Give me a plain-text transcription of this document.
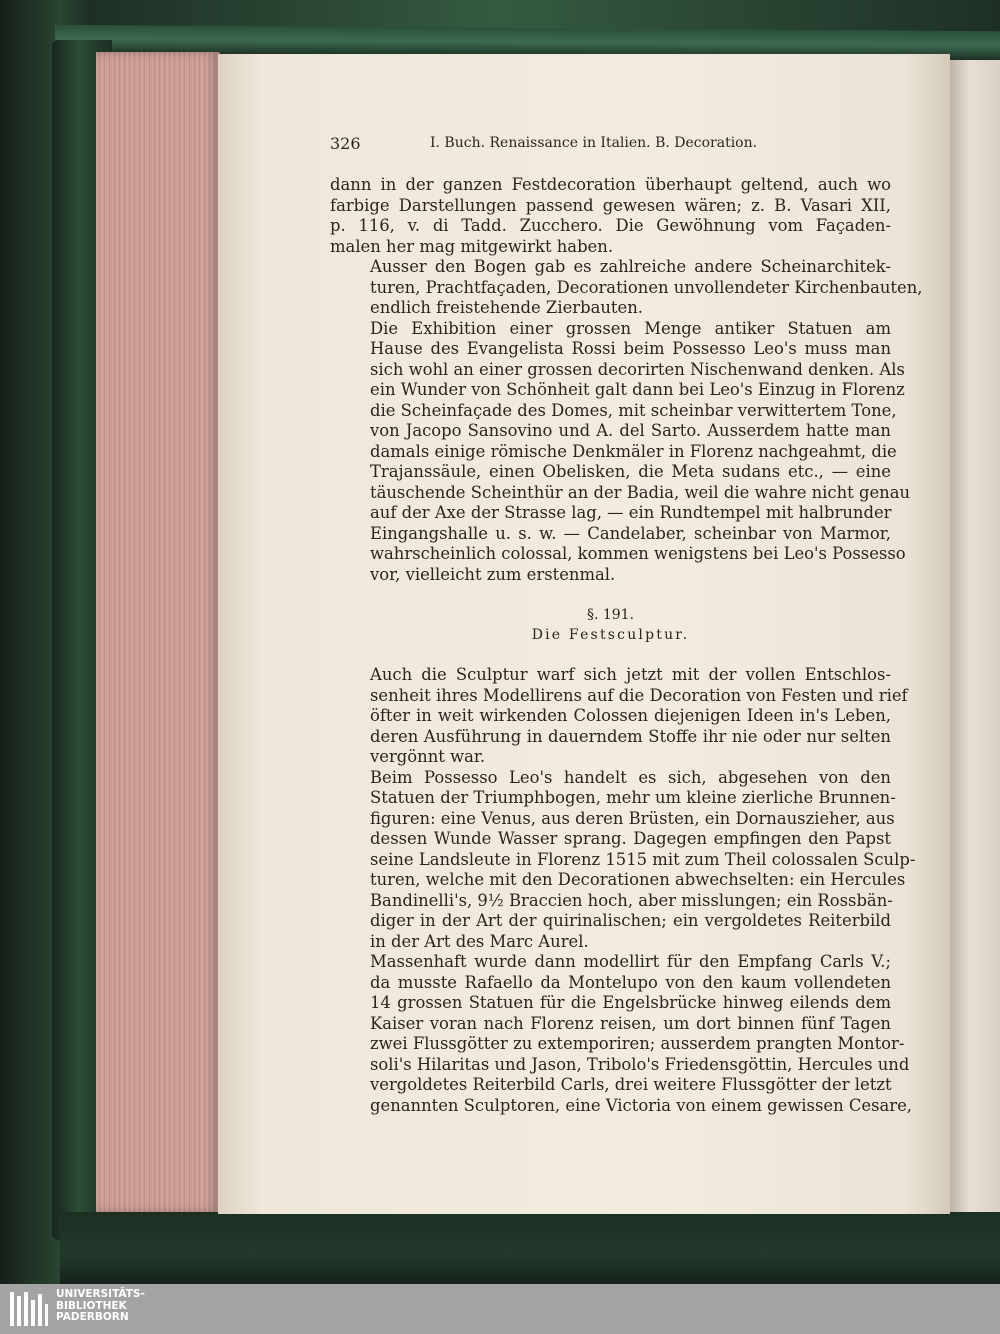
326	I. Buch. Renaissance in Italien. B. Decoration.

dann in der ganzen Festdecoration überhaupt geltend, auch wo
farbige Darstellungen passend gewesen wären; z. B. Vasari XII,
p. 116, v. di Tadd. Zucchero. Die Gewöhnung vom Façaden-
malen her mag mitgewirkt haben.

Ausser den Bogen gab es zahlreiche andere Scheinarchitek-
turen, Prachtfaçaden, Decorationen unvollendeter Kirchenbauten,
endlich freistehende Zierbauten.

Die Exhibition einer grossen Menge antiker Statuen am
Hause des Evangelista Rossi beim Possesso Leo's muss man
sich wohl an einer grossen decorirten Nischenwand denken. Als
ein Wunder von Schönheit galt dann bei Leo's Einzug in Florenz
die Scheinfaçade des Domes, mit scheinbar verwittertem Tone,
von Jacopo Sansovino und A. del Sarto. Ausserdem hatte man
damals einige römische Denkmäler in Florenz nachgeahmt, die
Trajanssäule, einen Obelisken, die Meta sudans etc., — eine
täuschende Scheinthür an der Badia, weil die wahre nicht genau
auf der Axe der Strasse lag, — ein Rundtempel mit halbrunder
Eingangshalle u. s. w. — Candelaber, scheinbar von Marmor,
wahrscheinlich colossal, kommen wenigstens bei Leo's Possesso
vor, vielleicht zum erstenmal.

§. 191.
Die Festsculptur.

Auch die Sculptur warf sich jetzt mit der vollen Entschlos-
senheit ihres Modellirens auf die Decoration von Festen und rief
öfter in weit wirkenden Colossen diejenigen Ideen in's Leben,
deren Ausführung in dauerndem Stoffe ihr nie oder nur selten
vergönnt war.

Beim Possesso Leo's handelt es sich, abgesehen von den
Statuen der Triumphbogen, mehr um kleine zierliche Brunnen-
figuren: eine Venus, aus deren Brüsten, ein Dornauszieher, aus
dessen Wunde Wasser sprang. Dagegen empfingen den Papst
seine Landsleute in Florenz 1515 mit zum Theil colossalen Sculp-
turen, welche mit den Decorationen abwechselten: ein Hercules
Bandinelli's, 9½ Braccien hoch, aber misslungen; ein Rossbän-
diger in der Art der quirinalischen; ein vergoldetes Reiterbild
in der Art des Marc Aurel.

Massenhaft wurde dann modellirt für den Empfang Carls V.;
da musste Rafaello da Montelupo von den kaum vollendeten
14 grossen Statuen für die Engelsbrücke hinweg eilends dem
Kaiser voran nach Florenz reisen, um dort binnen fünf Tagen
zwei Flussgötter zu extemporiren; ausserdem prangten Montor-
soli's Hilaritas und Jason, Tribolo's Friedensgöttin, Hercules und
vergoldetes Reiterbild Carls, drei weitere Flussgötter der letzt
genannten Sculptoren, eine Victoria von einem gewissen Cesare,

UNIVERSITÄTS-
BIBLIOTHEK
PADERBORN
